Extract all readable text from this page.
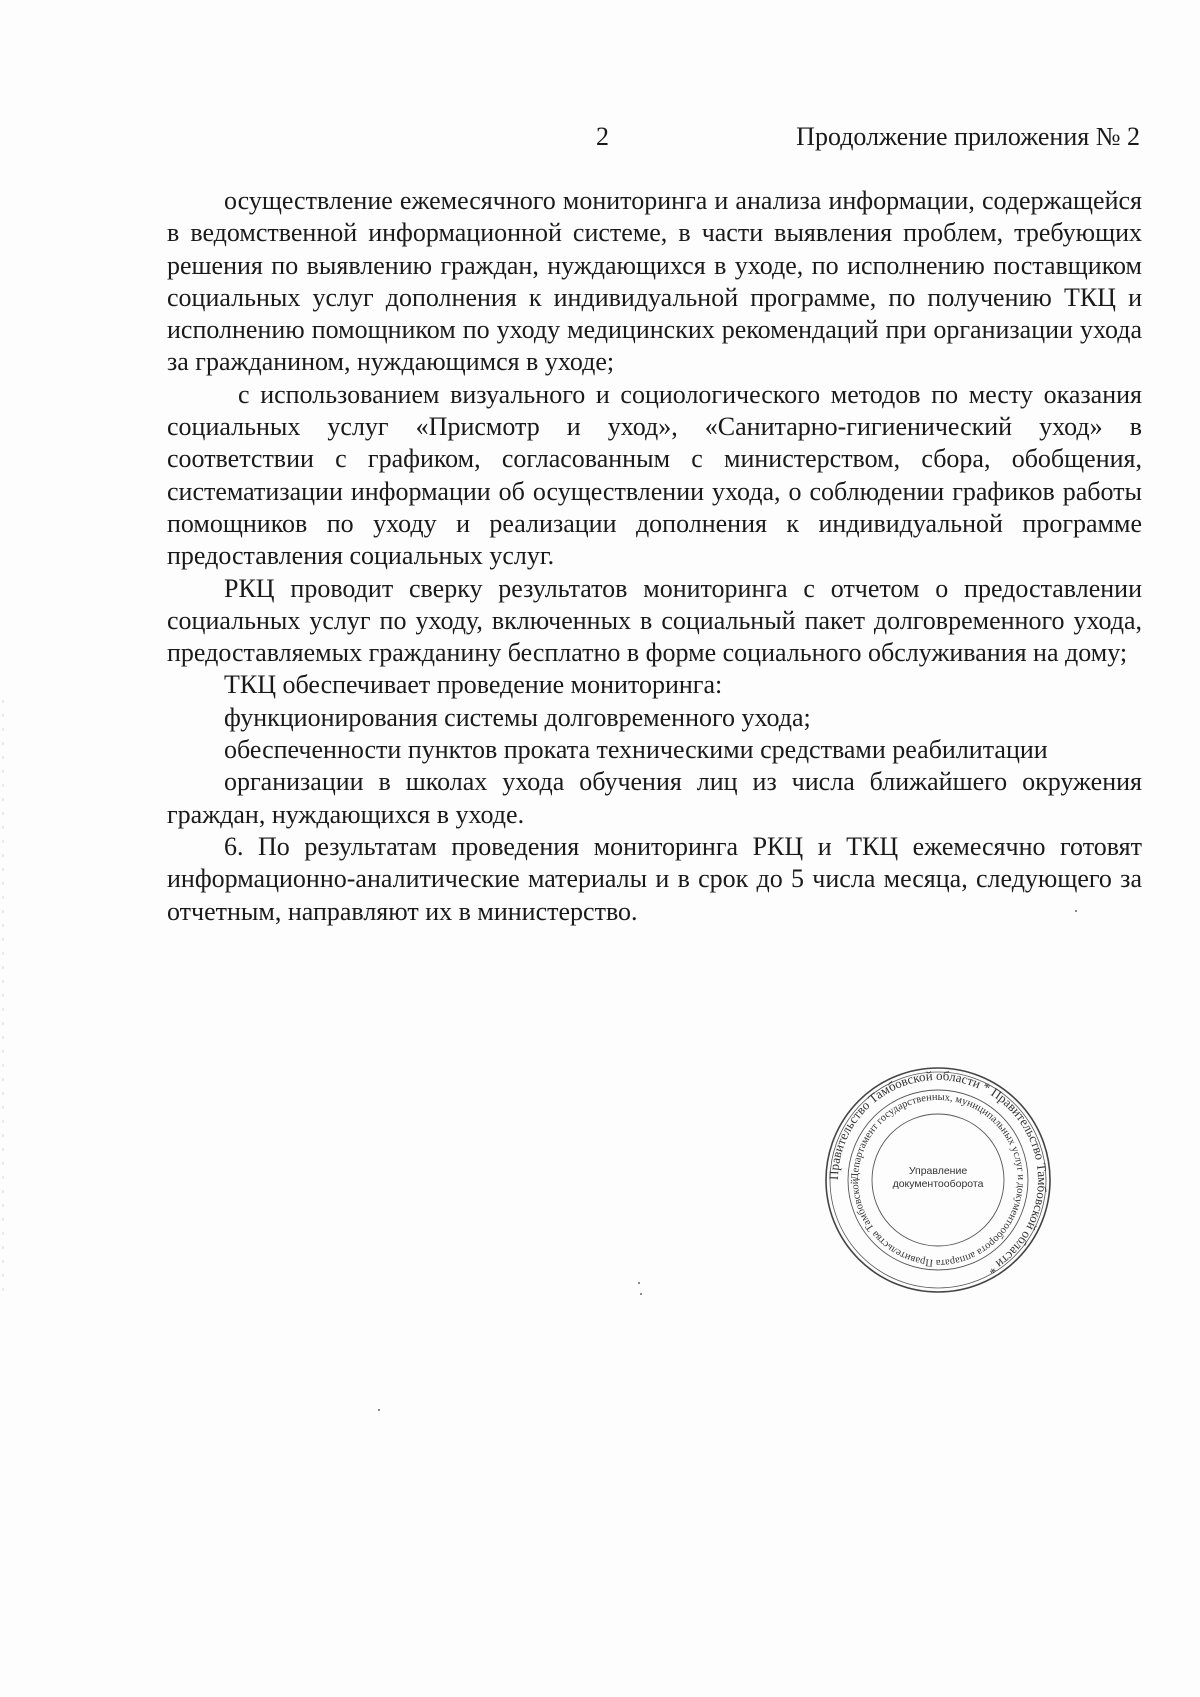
2	Продолжение приложения № 2

осуществление ежемесячного мониторинга и анализа информации, содержащейся в ведомственной информационной системе, в части выявления проблем, требующих решения по выявлению граждан, нуждающихся в уходе, по исполнению поставщиком социальных услуг дополнения к индивидуальной программе, по получению ТКЦ и исполнению помощником по уходу медицинских рекомендаций при организации ухода за гражданином, нуждающимся в уходе;

с использованием визуального и социологического методов по месту оказания социальных услуг «Присмотр и уход», «Санитарно-гигиенический уход» в соответствии с графиком, согласованным с министерством, сбора, обобщения, систематизации информации об осуществлении ухода, о соблюдении графиков работы помощников по уходу и реализации дополнения к индивидуальной программе предоставления социальных услуг.

РКЦ проводит сверку результатов мониторинга с отчетом о предоставлении социальных услуг по уходу, включенных в социальный пакет долговременного ухода, предоставляемых гражданину бесплатно в форме социального обслуживания на дому;

ТКЦ обеспечивает проведение мониторинга:

функционирования системы долговременного ухода;

обеспеченности пунктов проката техническими средствами реабилитации

организации в школах ухода обучения лиц из числа ближайшего окружения граждан, нуждающихся в уходе.

6. По результатам проведения мониторинга РКЦ и ТКЦ ежемесячно готовят информационно-аналитические материалы и в срок до 5 числа месяца, следующего за отчетным, направляют их в министерство.

Правительство Тамбовской области * Правительство Тамбовской области *
Департамент государственных, муниципальных услуг и документооборота аппарата Правительства Тамбовской
Управление
документооборота
